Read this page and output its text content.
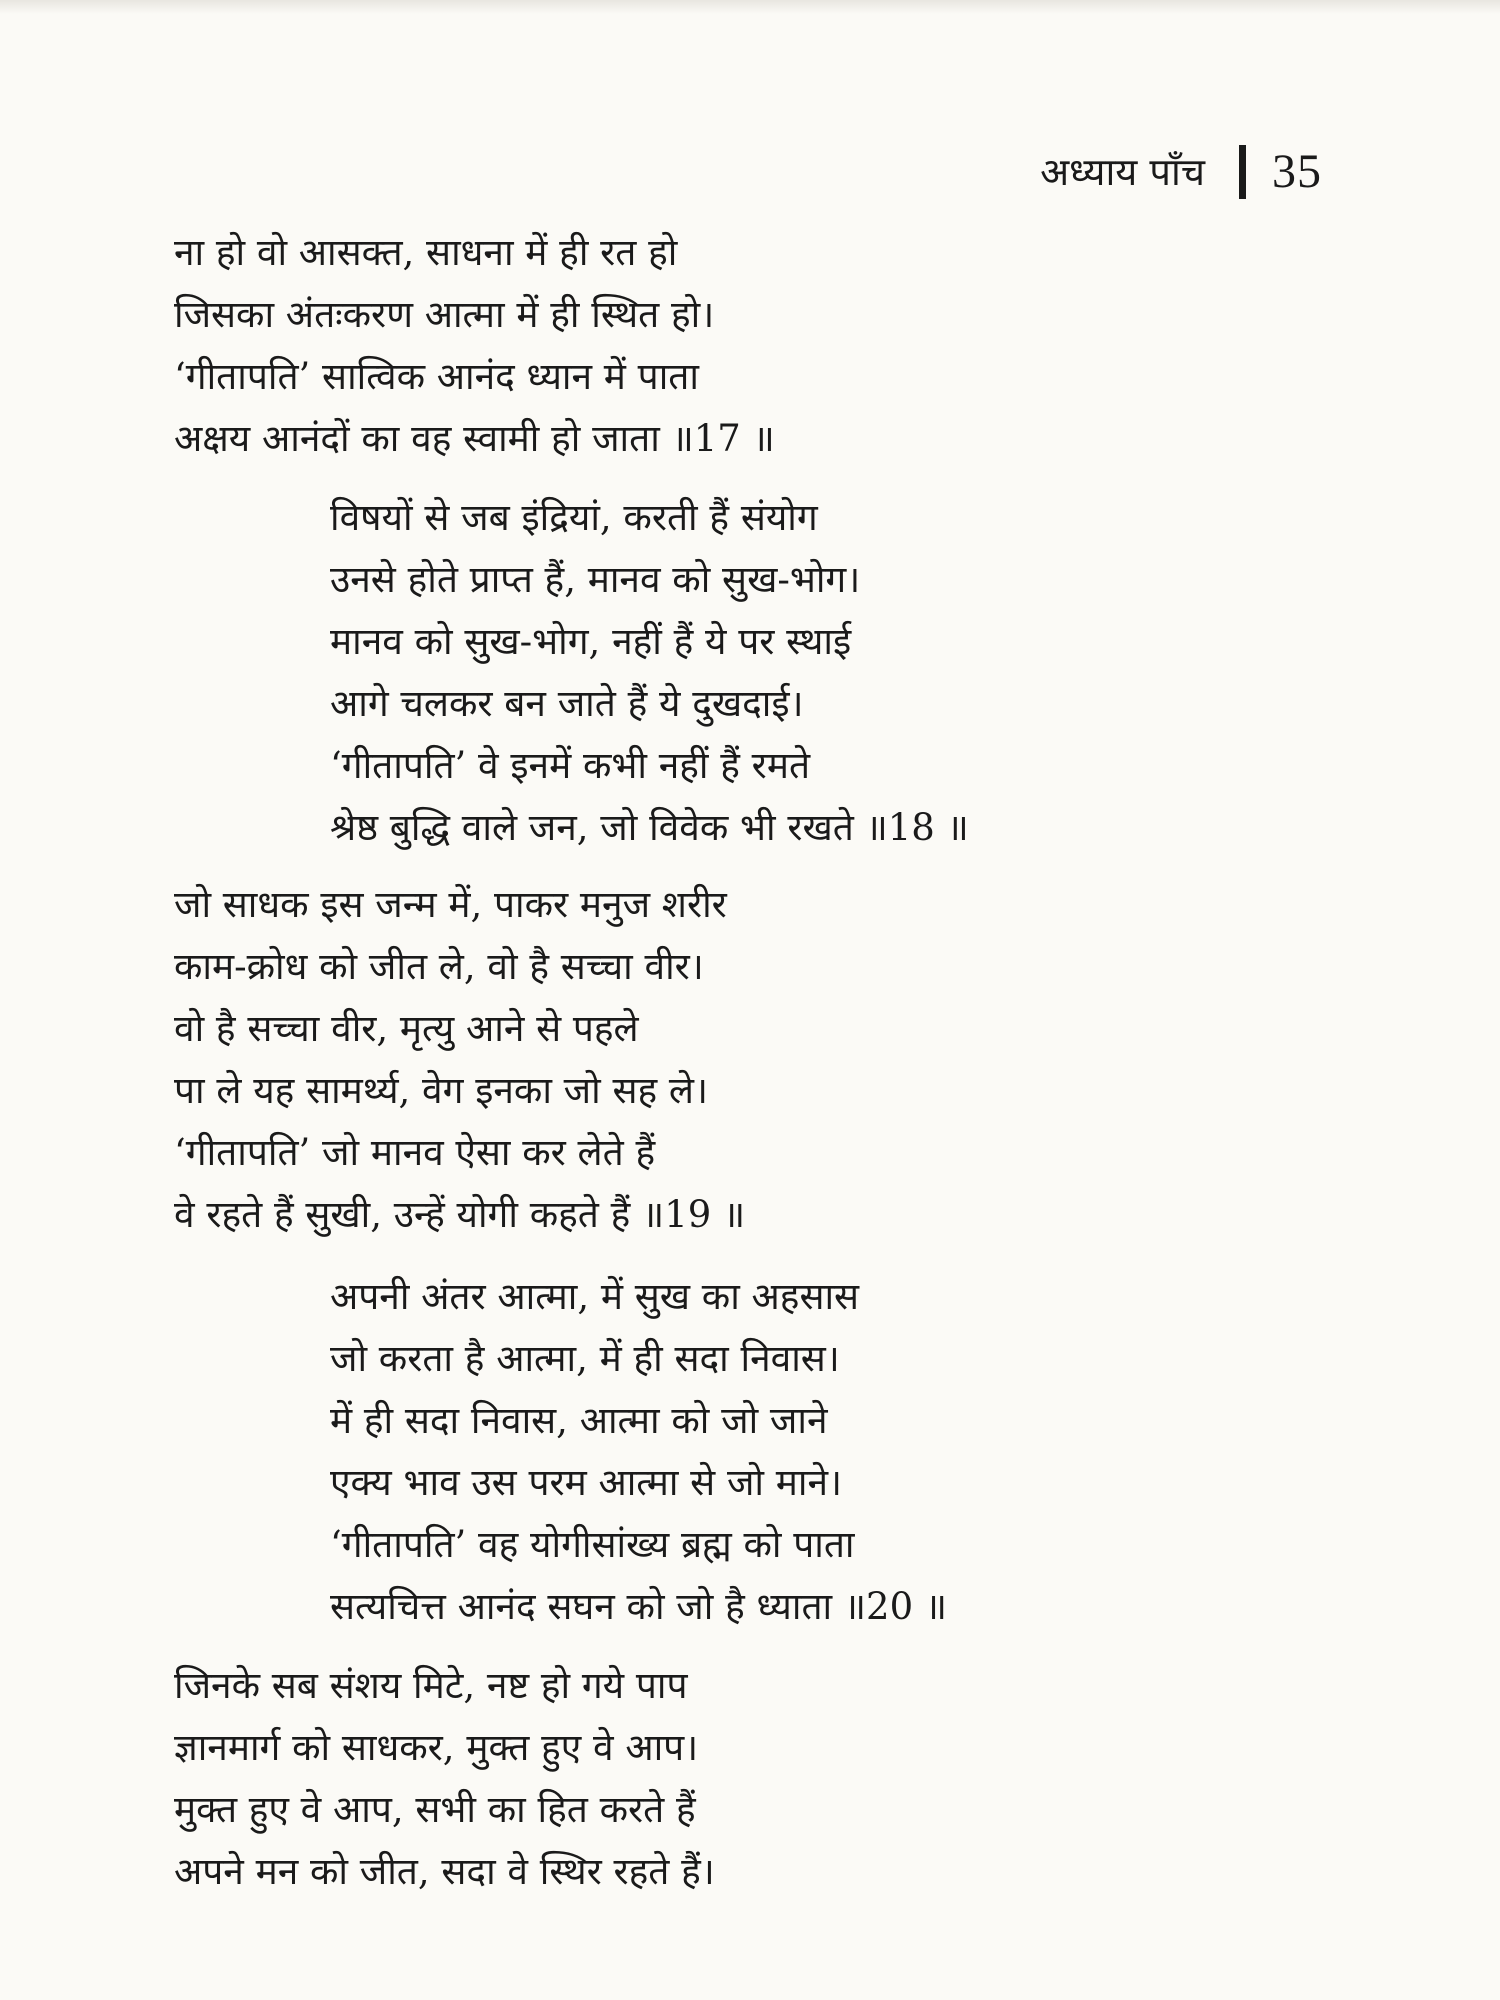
अध्याय पाँच 35
ना हो वो आसक्त, साधना में ही रत हो
जिसका अंतःकरण आत्मा में ही स्थित हो।
‘गीतापति’ सात्विक आनंद ध्यान में पाता
अक्षय आनंदों का वह स्वामी हो जाता ॥17 ॥
विषयों से जब इंद्रियां, करती हैं संयोग
उनसे होते प्राप्त हैं, मानव को सुख-भोग।
मानव को सुख-भोग, नहीं हैं ये पर स्थाई
आगे चलकर बन जाते हैं ये दुखदाई।
‘गीतापति’ वे इनमें कभी नहीं हैं रमते
श्रेष्ठ बुद्धि वाले जन, जो विवेक भी रखते ॥18 ॥
जो साधक इस जन्म में, पाकर मनुज शरीर
काम-क्रोध को जीत ले, वो है सच्चा वीर।
वो है सच्चा वीर, मृत्यु आने से पहले
पा ले यह सामर्थ्य, वेग इनका जो सह ले।
‘गीतापति’ जो मानव ऐसा कर लेते हैं
वे रहते हैं सुखी, उन्हें योगी कहते हैं ॥19 ॥
अपनी अंतर आत्मा, में सुख का अहसास
जो करता है आत्मा, में ही सदा निवास।
में ही सदा निवास, आत्मा को जो जाने
एक्य भाव उस परम आत्मा से जो माने।
‘गीतापति’ वह योगीसांख्य ब्रह्म को पाता
सत्यचित्त आनंद सघन को जो है ध्याता ॥20 ॥
जिनके सब संशय मिटे, नष्ट हो गये पाप
ज्ञानमार्ग को साधकर, मुक्त हुए वे आप।
मुक्त हुए वे आप, सभी का हित करते हैं
अपने मन को जीत, सदा वे स्थिर रहते हैं।
